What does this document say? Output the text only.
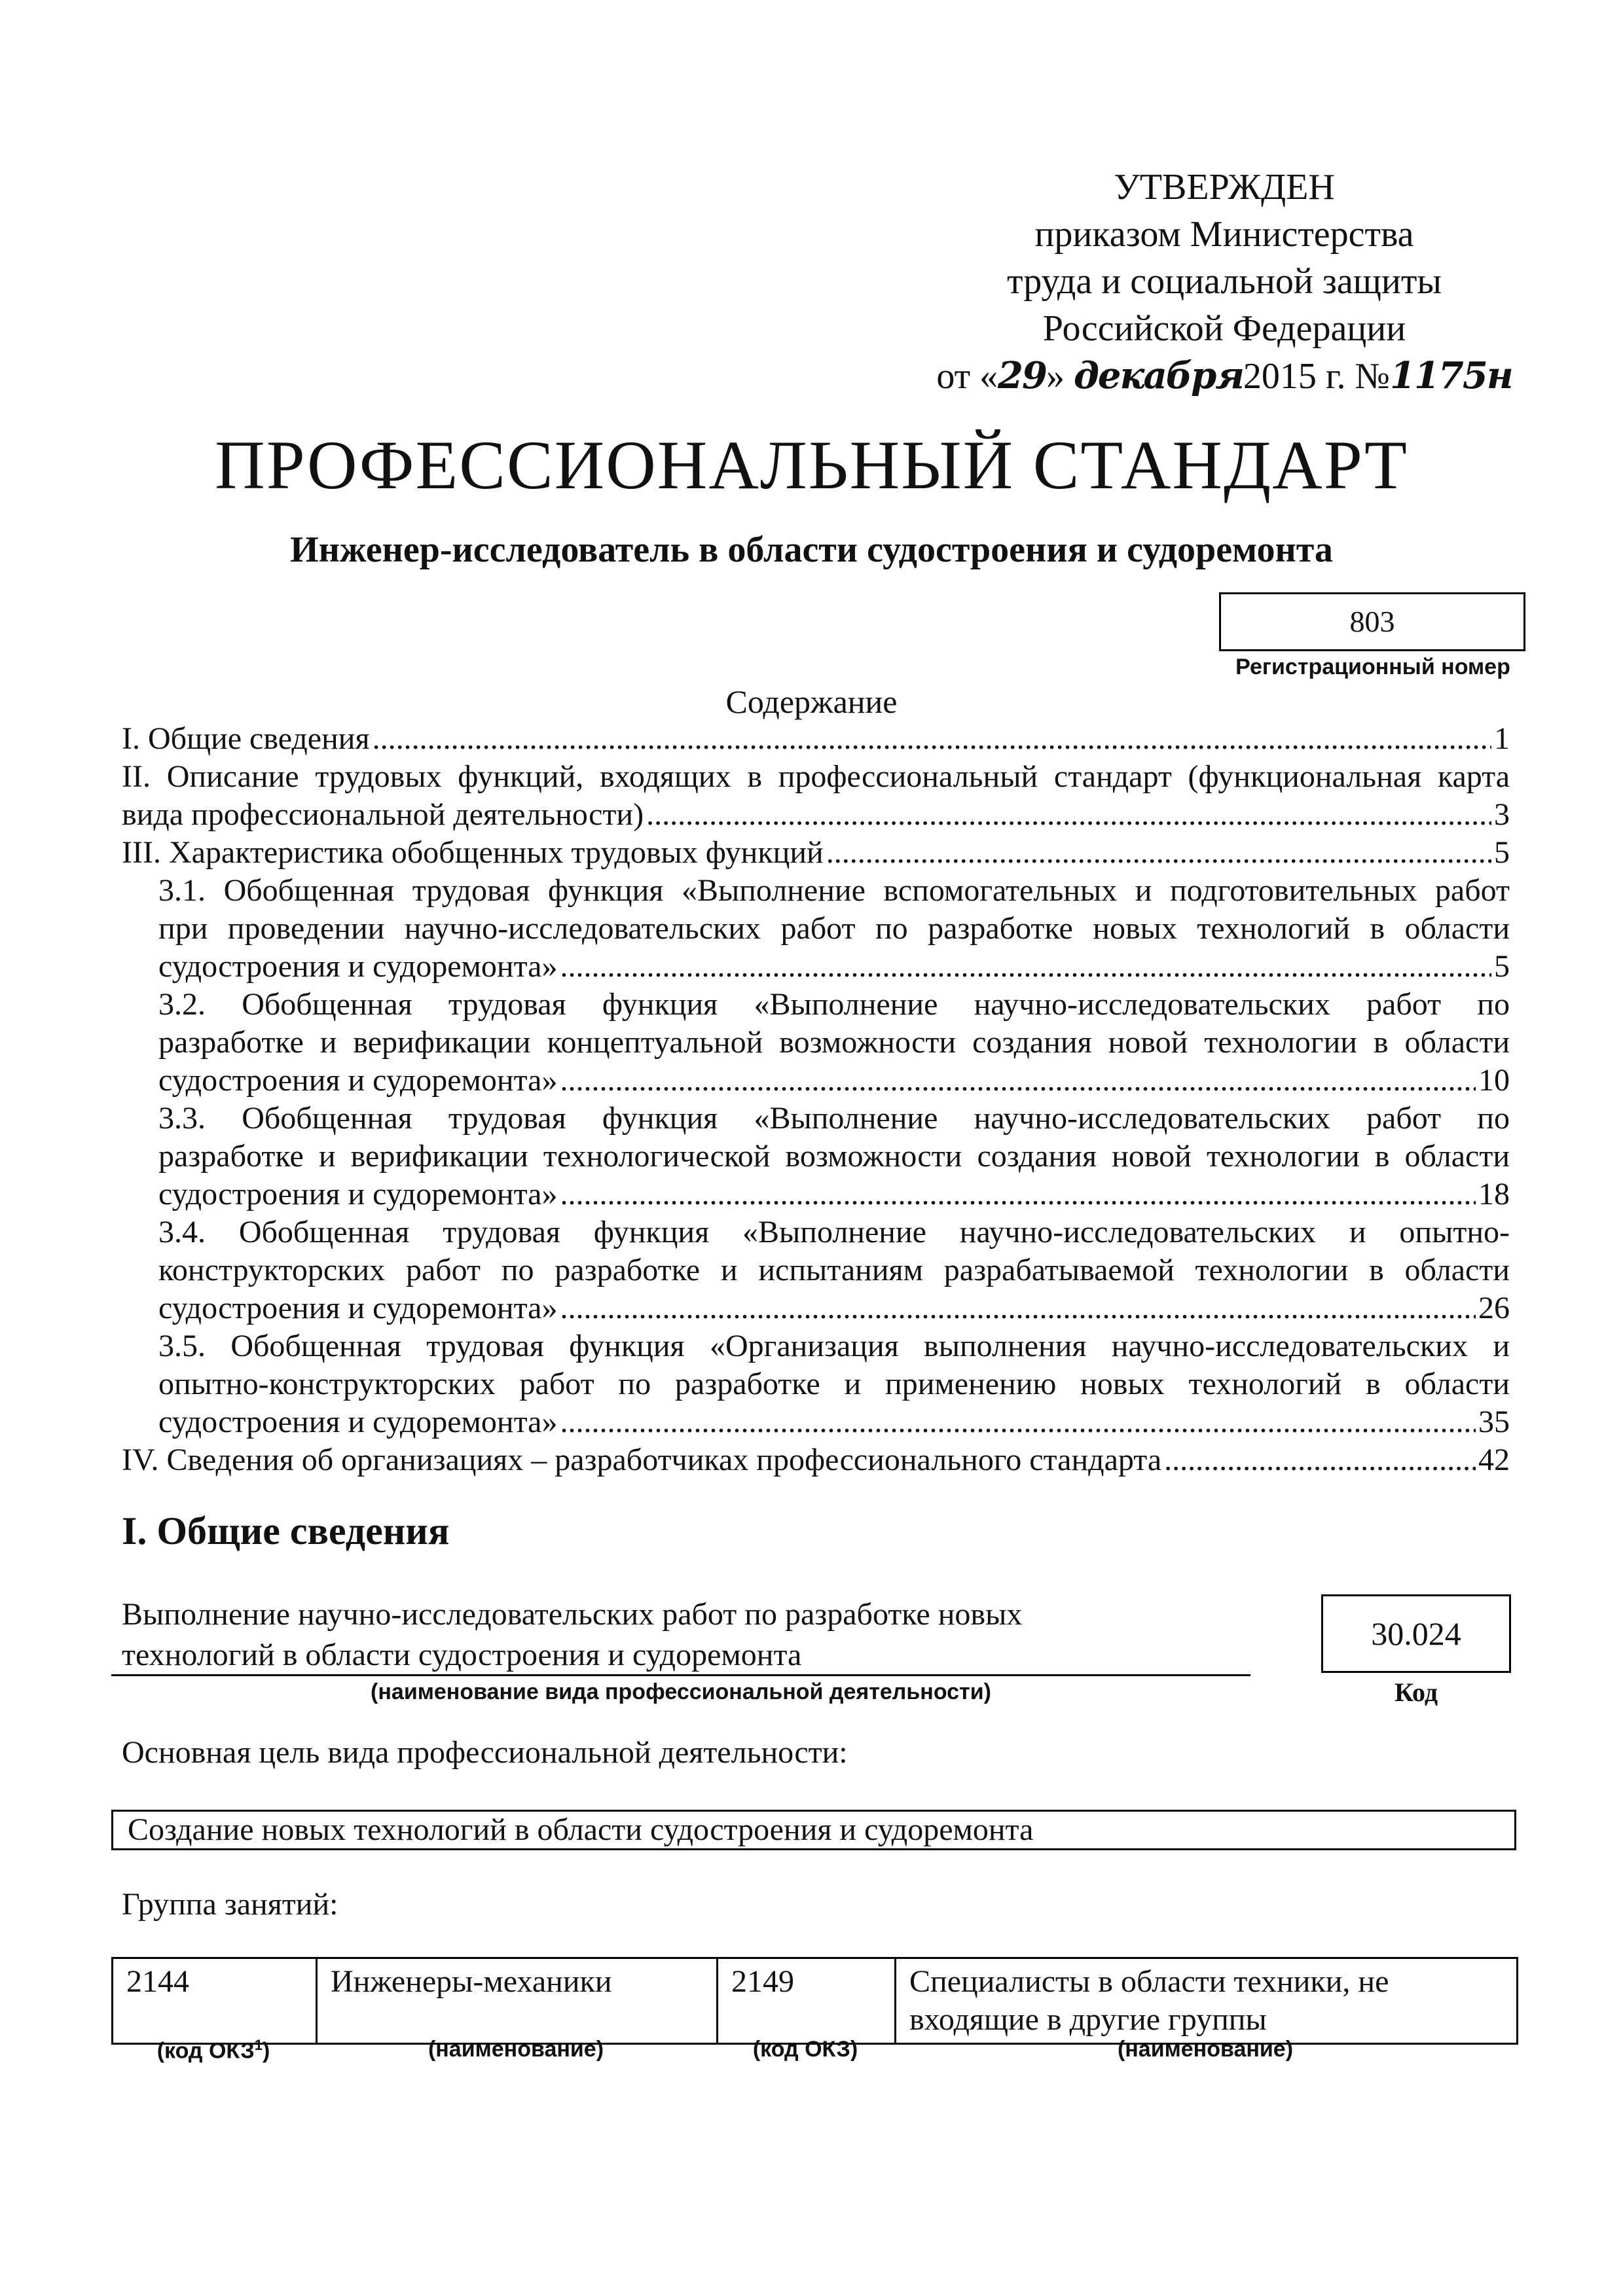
УТВЕРЖДЕН
приказом Министерства
труда и социальной защиты
Российской Федерации
от «29» декабря2015 г. №1175н
ПРОФЕССИОНАЛЬНЫЙ СТАНДАРТ
Инженер-исследователь в области судостроения и судоремонта
803
Регистрационный номер
Содержание
I. Общие сведения .....	1
II. Описание трудовых функций, входящих в профессиональный стандарт (функциональная карта
вида профессиональной деятельности) .....	3
III. Характеристика обобщенных трудовых функций .....	5
3.1. Обобщенная трудовая функция «Выполнение вспомогательных и подготовительных работ
при проведении научно-исследовательских работ по разработке новых технологий в области
судостроения и судоремонта» .....	5
3.2. Обобщенная трудовая функция «Выполнение научно-исследовательских работ по
разработке и верификации концептуальной возможности создания новой технологии в области
судостроения и судоремонта» .....	10
3.3. Обобщенная трудовая функция «Выполнение научно-исследовательских работ по
разработке и верификации технологической возможности создания новой технологии в области
судостроения и судоремонта» .....	18
3.4. Обобщенная трудовая функция «Выполнение научно-исследовательских и опытно-
конструкторских работ по разработке и испытаниям разрабатываемой технологии в области
судостроения и судоремонта» .....	26
3.5. Обобщенная трудовая функция «Организация выполнения научно-исследовательских и
опытно-конструкторских работ по разработке и применению новых технологий в области
судостроения и судоремонта» .....	35
IV. Сведения об организациях – разработчиках профессионального стандарта .....	42
I. Общие сведения
Выполнение научно-исследовательских работ по разработке новых
технологий в области судостроения и судоремонта
(наименование вида профессиональной деятельности)
30.024
Код
Основная цель вида профессиональной деятельности:
Создание новых технологий в области судостроения и судоремонта
Группа занятий:
2144	Инженеры-механики	2149	Специалисты в области техники, не входящие в другие группы
(код ОКЗ$^1$)	(наименование)	(код ОКЗ)	(наименование)
